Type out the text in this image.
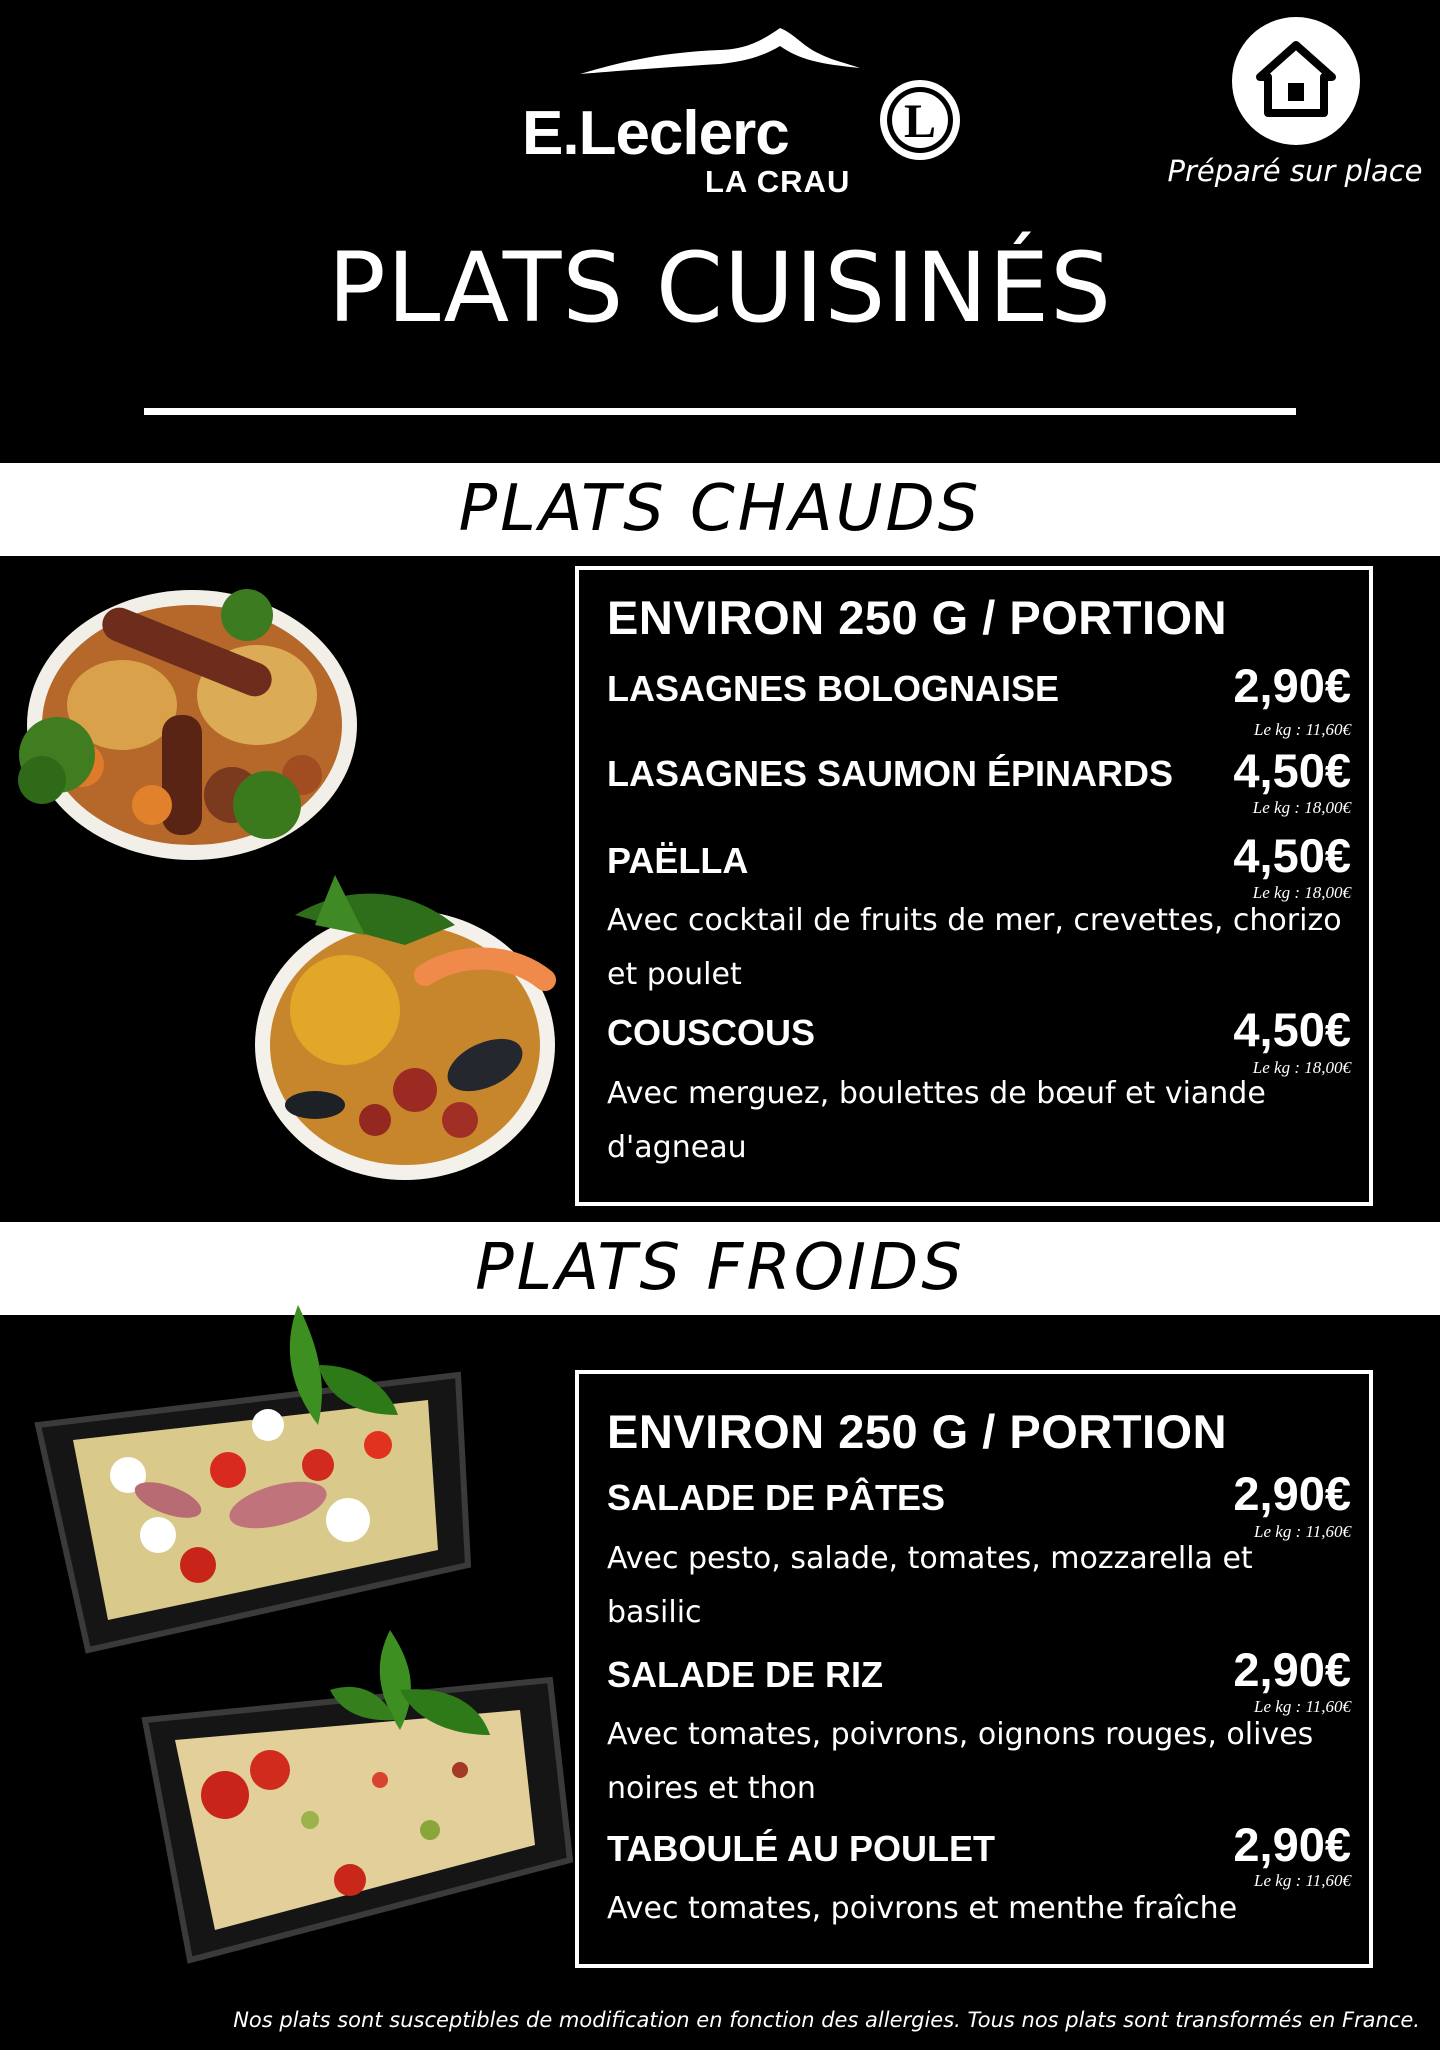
L
E.Leclerc
LA CRAU	Préparé sur place
PLATS CUISINÉS
PLATS CHAUDS
ENVIRON 250 G / PORTION
LASAGNES BOLOGNAISE	2,90€
Le kg : 11,60€
LASAGNES SAUMON ÉPINARDS 4,50€
Le kg : 18,00€
PAËLLA	4,50€
Le kg : 18,00€
Avec cocktail de fruits de mer, crevettes, chorizo et poulet
COUSCOUS	4,50€
Le kg : 18,00€
Avec merguez, boulettes de bœuf et viande d'agneau
PLATS FROIDS
ENVIRON 250 G / PORTION
SALADE DE PÂTES	2,90€
Le kg : 11,60€
Avec pesto, salade, tomates, mozzarella et basilic
SALADE DE RIZ	2,90€
Le kg : 11,60€
Avec tomates, poivrons, oignons rouges, olives noires et thon
TABOULÉ AU POULET	2,90€
Le kg : 11,60€
Avec tomates, poivrons et menthe fraîche
Nos plats sont susceptibles de modification en fonction des allergies. Tous nos plats sont transformés en France.
